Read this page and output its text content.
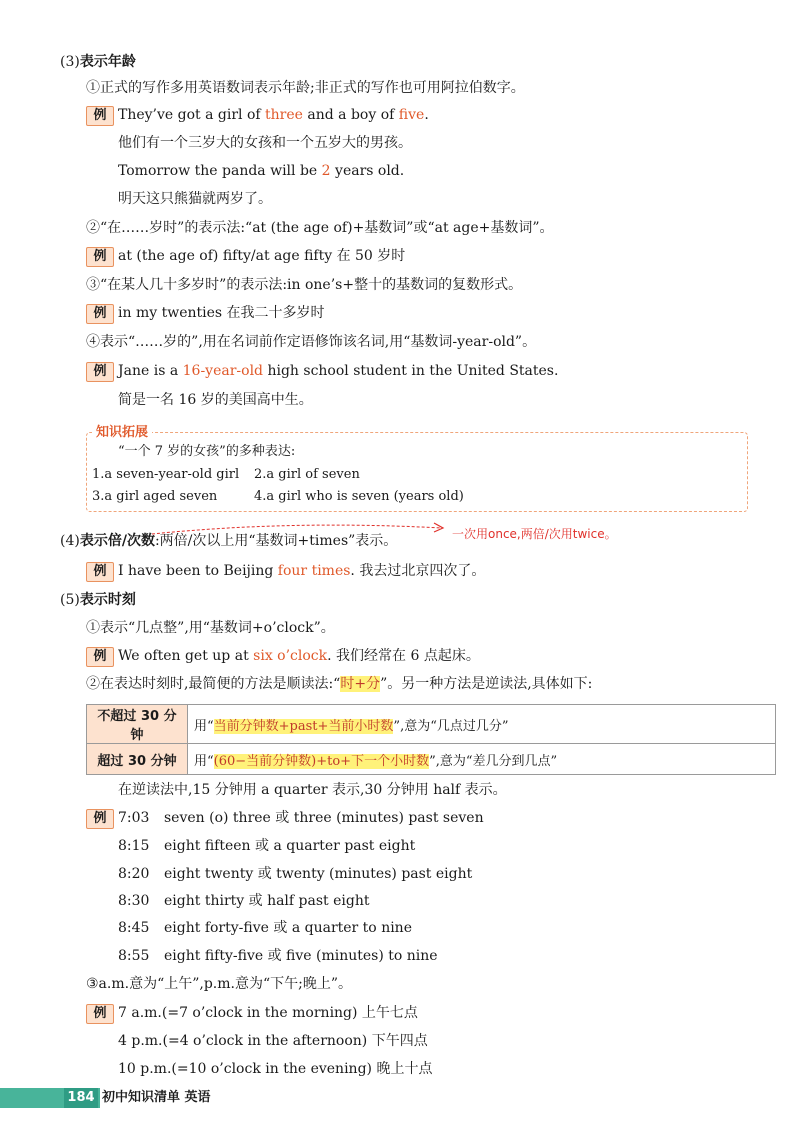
(3)表示年龄
①正式的写作多用英语数词表示年龄;非正式的写作也可用阿拉伯数字。
例 They’ve got a girl of three and a boy of five.
他们有一个三岁大的女孩和一个五岁大的男孩。
Tomorrow the panda will be 2 years old.
明天这只熊猫就两岁了。
②“在……岁时”的表示法:“at (the age of)+基数词”或“at age+基数词”。
例 at (the age of) fifty/at age fifty 在 50 岁时
③“在某人几十多岁时”的表示法:in one’s+整十的基数词的复数形式。
例 in my twenties 在我二十多岁时
④表示“……岁的”,用在名词前作定语修饰该名词,用“基数词-year-old”。
例 Jane is a 16-year-old high school student in the United States.
简是一名 16 岁的美国高中生。
知识拓展
“一个 7 岁的女孩”的多种表达:
1.a seven-year-old girl 2.a girl of seven
3.a girl aged seven	4.a girl who is seven (years old)
(4)表示倍/次数:两倍/次以上用“基数词+times”表示。	一次用once,两倍/次用twice。
例 I have been to Beijing four times. 我去过北京四次了。
(5)表示时刻
①表示“几点整”,用“基数词+o’clock”。
例 We often get up at six o’clock. 我们经常在 6 点起床。
②在表达时刻时,最简便的方法是顺读法:“时+分”。另一种方法是逆读法,具体如下:
不超过 30 分钟	用“当前分钟数+past+当前小时数”,意为“几点过几分”
超过 30 分钟	用“(60−当前分钟数)+to+下一个小时数”,意为“差几分到几点”
在逆读法中,15 分钟用 a quarter 表示,30 分钟用 half 表示。
例 7:03 seven (o) three 或 three (minutes) past seven
8:15 eight fifteen 或 a quarter past eight
8:20 eight twenty 或 twenty (minutes) past eight
8:30 eight thirty 或 half past eight
8:45 eight forty-five 或 a quarter to nine
8:55 eight fifty-five 或 five (minutes) to nine
③a.m.意为“上午”,p.m.意为“下午;晚上”。
例 7 a.m.(=7 o’clock in the morning) 上午七点
4 p.m.(=4 o’clock in the afternoon) 下午四点
10 p.m.(=10 o’clock in the evening) 晚上十点
184 初中知识清单 英语
